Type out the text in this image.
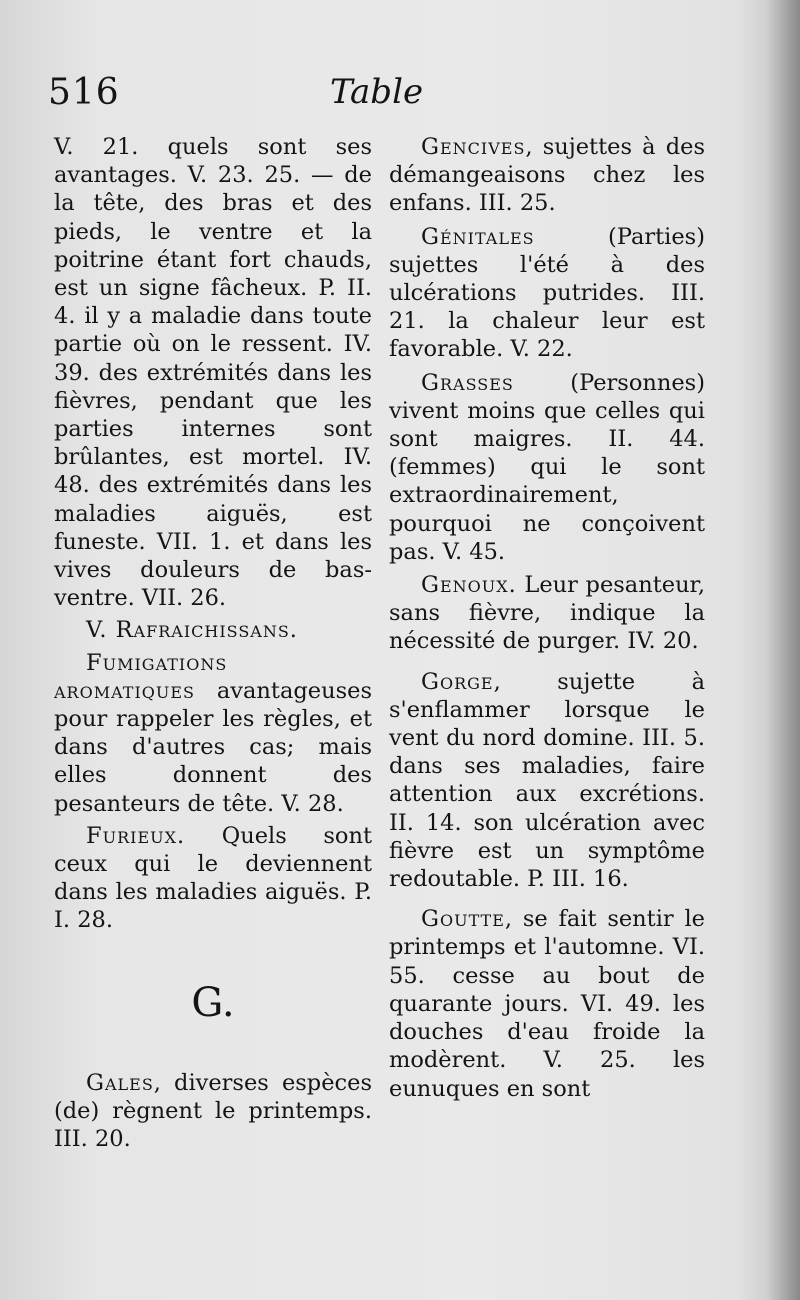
516	Table

V. 21. quels sont ses avantages. V. 23. 25. — de la tête, des bras et des pieds, le ventre et la poitrine étant fort chauds, est un signe fâcheux. P. II. 4. il y a maladie dans toute partie où on le ressent. IV. 39. des extrémités dans les fièvres, pendant que les parties internes sont brûlantes, est mortel. IV. 48. des extrémités dans les maladies aiguës, est funeste. VII. 1. et dans les vives douleurs de bas-ventre. VII. 26.

V. Rafraichissans.

Fumigations aromatiques avantageuses pour rappeler les règles, et dans d'autres cas; mais elles donnent des pesanteurs de tête. V. 28.

Furieux. Quels sont ceux qui le deviennent dans les maladies aiguës. P. I. 28.

G.

Gales, diverses espèces (de) règnent le printemps. III. 20.

Gencives, sujettes à des démangeaisons chez les enfans. III. 25.

Génitales (Parties) sujettes l'été à des ulcérations putrides. III. 21. la chaleur leur est favorable. V. 22.

Grasses (Personnes) vivent moins que celles qui sont maigres. II. 44. (femmes) qui le sont extraordinairement, pourquoi ne conçoivent pas. V. 45.

Genoux. Leur pesanteur, sans fièvre, indique la nécessité de purger. IV. 20.

Gorge, sujette à s'enflammer lorsque le vent du nord domine. III. 5. dans ses maladies, faire attention aux excrétions. II. 14. son ulcération avec fièvre est un symptôme redoutable. P. III. 16.

Goutte, se fait sentir le printemps et l'automne. VI. 55. cesse au bout de quarante jours. VI. 49. les douches d'eau froide la modèrent. V. 25. les eunuques en sont
